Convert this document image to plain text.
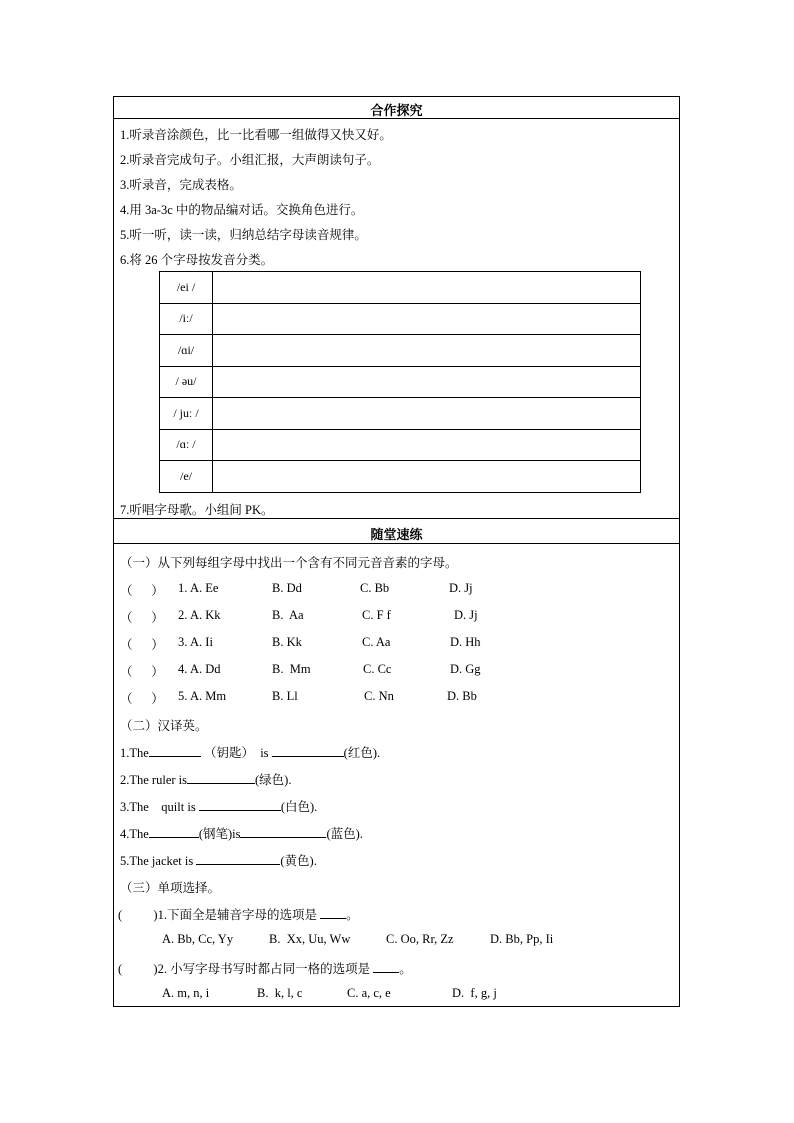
合作探究
1.听录音涂颜色，比一比看哪一组做得又快又好。
2.听录音完成句子。小组汇报，大声朗读句子。
3.听录音，完成表格。
4.用 3a-3c 中的物品编对话。交换角色进行。
5.听一听，读一读，归纳总结字母读音规律。
6.将 26 个字母按发音分类。
/ei /	
/iː/	
/ɑi/	
/ əu/	
/ juː /	
/ɑː /	
/e/	
7.听唱字母歌。小组间 PK。
随堂速练
（一）从下列每组字母中找出一个含有不同元音音素的字母。
（      ） 1. A. Ee	B. Dd	C. Bb	D. Jj
（      ） 2. A. Kk	B.  Aa	C. F f	D. Jj
（      ） 3. A. Ii	B. Kk	C. Aa	D. Hh
（      ） 4. A. Dd	B.  Mm	C. Cc	D. Gg
（      ） 5. A. Mm	B. Ll	C. Nn	D. Bb
（二）汉译英。
1.The	（钥匙）  is	(红色).
2.The ruler is	(绿色).
3.The    quilt is	(白色).
4.The	(钢笔)is	(蓝色).
5.The jacket is	(黄色).
（三）单项选择。
(          )1.下面全是辅音字母的选项是 。
A. Bb, Cc, Yy	B.  Xx, Uu, Ww	C. Oo, Rr, Zz	D. Bb, Pp, Ii
(          )2. 小写字母书写时都占同一格的选项是 。
A. m, n, i	B.  k, l, c	C. a, c, e	D.  f, g, j
